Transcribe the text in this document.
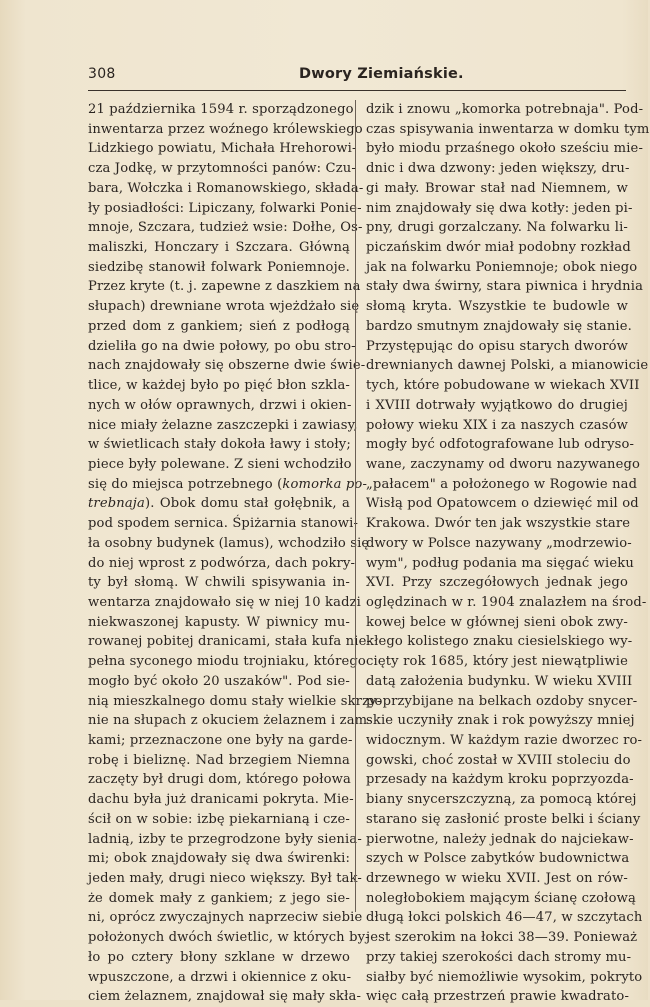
308	Dwory Ziemiańskie.
21 października 1594 r. sporządzonego
inwentarza przez woźnego królewskiego
Lidzkiego powiatu, Michała Hrehorowi-
cza Jodkę, w przytomności panów: Czu-
bara, Wołczka i Romanowskiego, składa-
ły posiadłości: Lipiczany, folwarki Ponie-
mnoje, Szczara, tudzież wsie: Dołhe, Os-
maliszki, Honczary i Szczara. Główną
siedzibę stanowił folwark Poniemnoje.
Przez kryte (t. j. zapewne z daszkiem na
słupach) drewniane wrota wjeżdżało się
przed dom z gankiem; sień z podłogą
dzieliła go na dwie połowy, po obu stro-
nach znajdowały się obszerne dwie świe-
tlice, w każdej było po pięć błon szkla-
nych w ołów oprawnych, drzwi i okien-
nice miały żelazne zaszczepki i zawiasy,
w świetlicach stały dokoła ławy i stoły;
piece były polewane. Z sieni wchodziło
się do miejsca potrzebnego (komorka po-
trebnaja). Obok domu stał gołębnik, a
pod spodem sernica. Śpiżarnia stanowi-
ła osobny budynek (lamus), wchodziło się
do niej wprost z podwórza, dach pokry-
ty był słomą. W chwili spisywania in-
wentarza znajdowało się w niej 10 kadzi
niekwaszonej kapusty. W piwnicy mu-
rowanej pobitej dranicami, stała kufa nie-
pełna syconego miodu trojniaku, którego
mogło być około 20 uszaków". Pod sie-
nią mieszkalnego domu stały wielkie skrzy-
nie na słupach z okuciem żelaznem i zam-
kami; przeznaczone one były na garde-
robę i bieliznę. Nad brzegiem Niemna
zaczęty był drugi dom, którego połowa
dachu była już dranicami pokryta. Mie-
ścił on w sobie: izbę piekarnianą i cze-
ladnią, izby te przegrodzone były sienia-
mi; obok znajdowały się dwa świrenki:
jeden mały, drugi nieco większy. Był tak-
że domek mały z gankiem; z jego sie-
ni, oprócz zwyczajnych naprzeciw siebie
położonych dwóch świetlic, w których by-
ło po cztery błony szklane w drzewo
wpuszczone, a drzwi i okiennice z oku-
ciem żelaznem, znajdował się mały skła-
dzik i znowu „komorka potrebnaja". Pod-
czas spisywania inwentarza w domku tym
było miodu przaśnego około sześciu mie-
dnic i dwa dzwony: jeden większy, dru-
gi mały. Browar stał nad Niemnem, w
nim znajdowały się dwa kotły: jeden pi-
pny, drugi gorzalczany. Na folwarku li-
piczańskim dwór miał podobny rozkład
jak na folwarku Poniemnoje; obok niego
stały dwa świrny, stara piwnica i hrydnia
słomą kryta. Wszystkie te budowle w
bardzo smutnym znajdowały się stanie.
Przystępując do opisu starych dworów
drewnianych dawnej Polski, a mianowicie
tych, które pobudowane w wiekach XVII
i XVIII dotrwały wyjątkowo do drugiej
połowy wieku XIX i za naszych czasów
mogły być odfotografowane lub odryso-
wane, zaczynamy od dworu nazywanego
„pałacem" a położonego w Rogowie nad
Wisłą pod Opatowcem o dziewięć mil od
Krakowa. Dwór ten jak wszystkie stare
dwory w Polsce nazywany „modrzewio-
wym", podług podania ma sięgać wieku
XVI. Przy szczegółowych jednak jego
oględzinach w r. 1904 znalazłem na środ-
kowej belce w głównej sieni obok zwy-
kłego kolistego znaku ciesielskiego wy-
cięty rok 1685, który jest niewątpliwie
datą założenia budynku. W wieku XVIII
poprzybijane na belkach ozdoby snycer-
skie uczyniły znak i rok powyższy mniej
widocznym. W każdym razie dworzec ro-
gowski, choć został w XVIII stoleciu do
przesady na każdym kroku poprzyozda-
biany snycerszczyzną, za pomocą której
starano się zasłonić proste belki i ściany
pierwotne, należy jednak do najciekaw-
szych w Polsce zabytków budownictwa
drzewnego w wieku XVII. Jest on rów-
noległobokiem mającym ścianę czołową
długą łokci polskich 46—47, w szczytach
jest szerokim na łokci 38—39. Ponieważ
przy takiej szerokości dach stromy mu-
siałby być niemożliwie wysokim, pokryto
więc całą przestrzeń prawie kwadrato-
